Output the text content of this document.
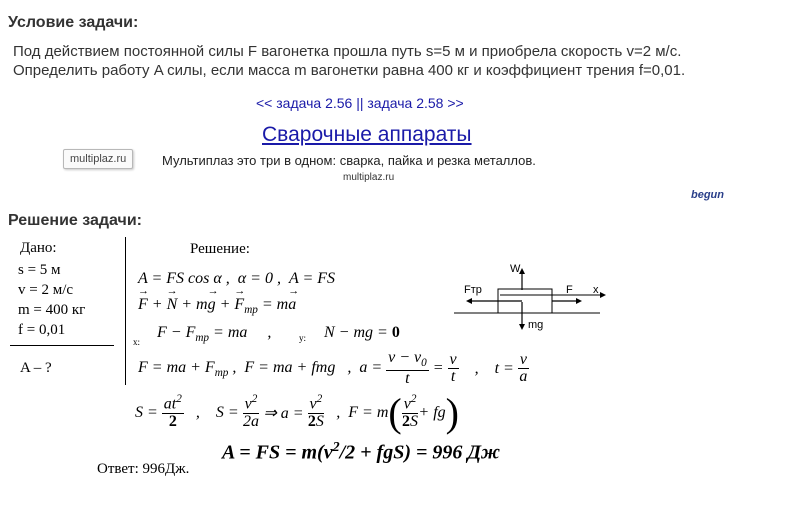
Условие задачи:
Под действием постоянной силы F вагонетка прошла путь s=5 м и приобрела скорость v=2 м/с.
Определить работу A силы, если масса m вагонетки равна 400 кг и коэффициент трения f=0,01.
<< задача 2.56 || задача 2.58 >>
Сварочные аппараты
multiplaz.ru	Мультиплаз это три в одном: сварка, пайка и резка металлов.
multiplaz.ru
begun
Решение задачи:
Дано:
s = 5 м
v = 2 м/с
m = 400 кг
f = 0,01
A – ?
Решение:
A = FS cos α ,  α = 0 ,  A = FS
→ F + → N + m→ g + → $F_{тр} = m\to a$
x:
$F - F_{тр}$ = ma     ,	y: N − mg = 0
F = ma + $F_{тр}$ ,  F = ma + fmg   ,  $a = \frac{v - v_0}{t} = \frac{v}{t}$ ,    $t = \frac{v}{a}$
$S = \frac{at^2}{2}$ ,    $S = \frac{v^2}{2a}$ ⇒ $a = \frac{v^2}{2S}$ ,  $F = m( \frac{v^2}{2S} + fg)$
A = FS = $m(v^2/2 + fgS) = 996$ Дж
Ответ: 996Дж.
W
Fтр	F x
mg
